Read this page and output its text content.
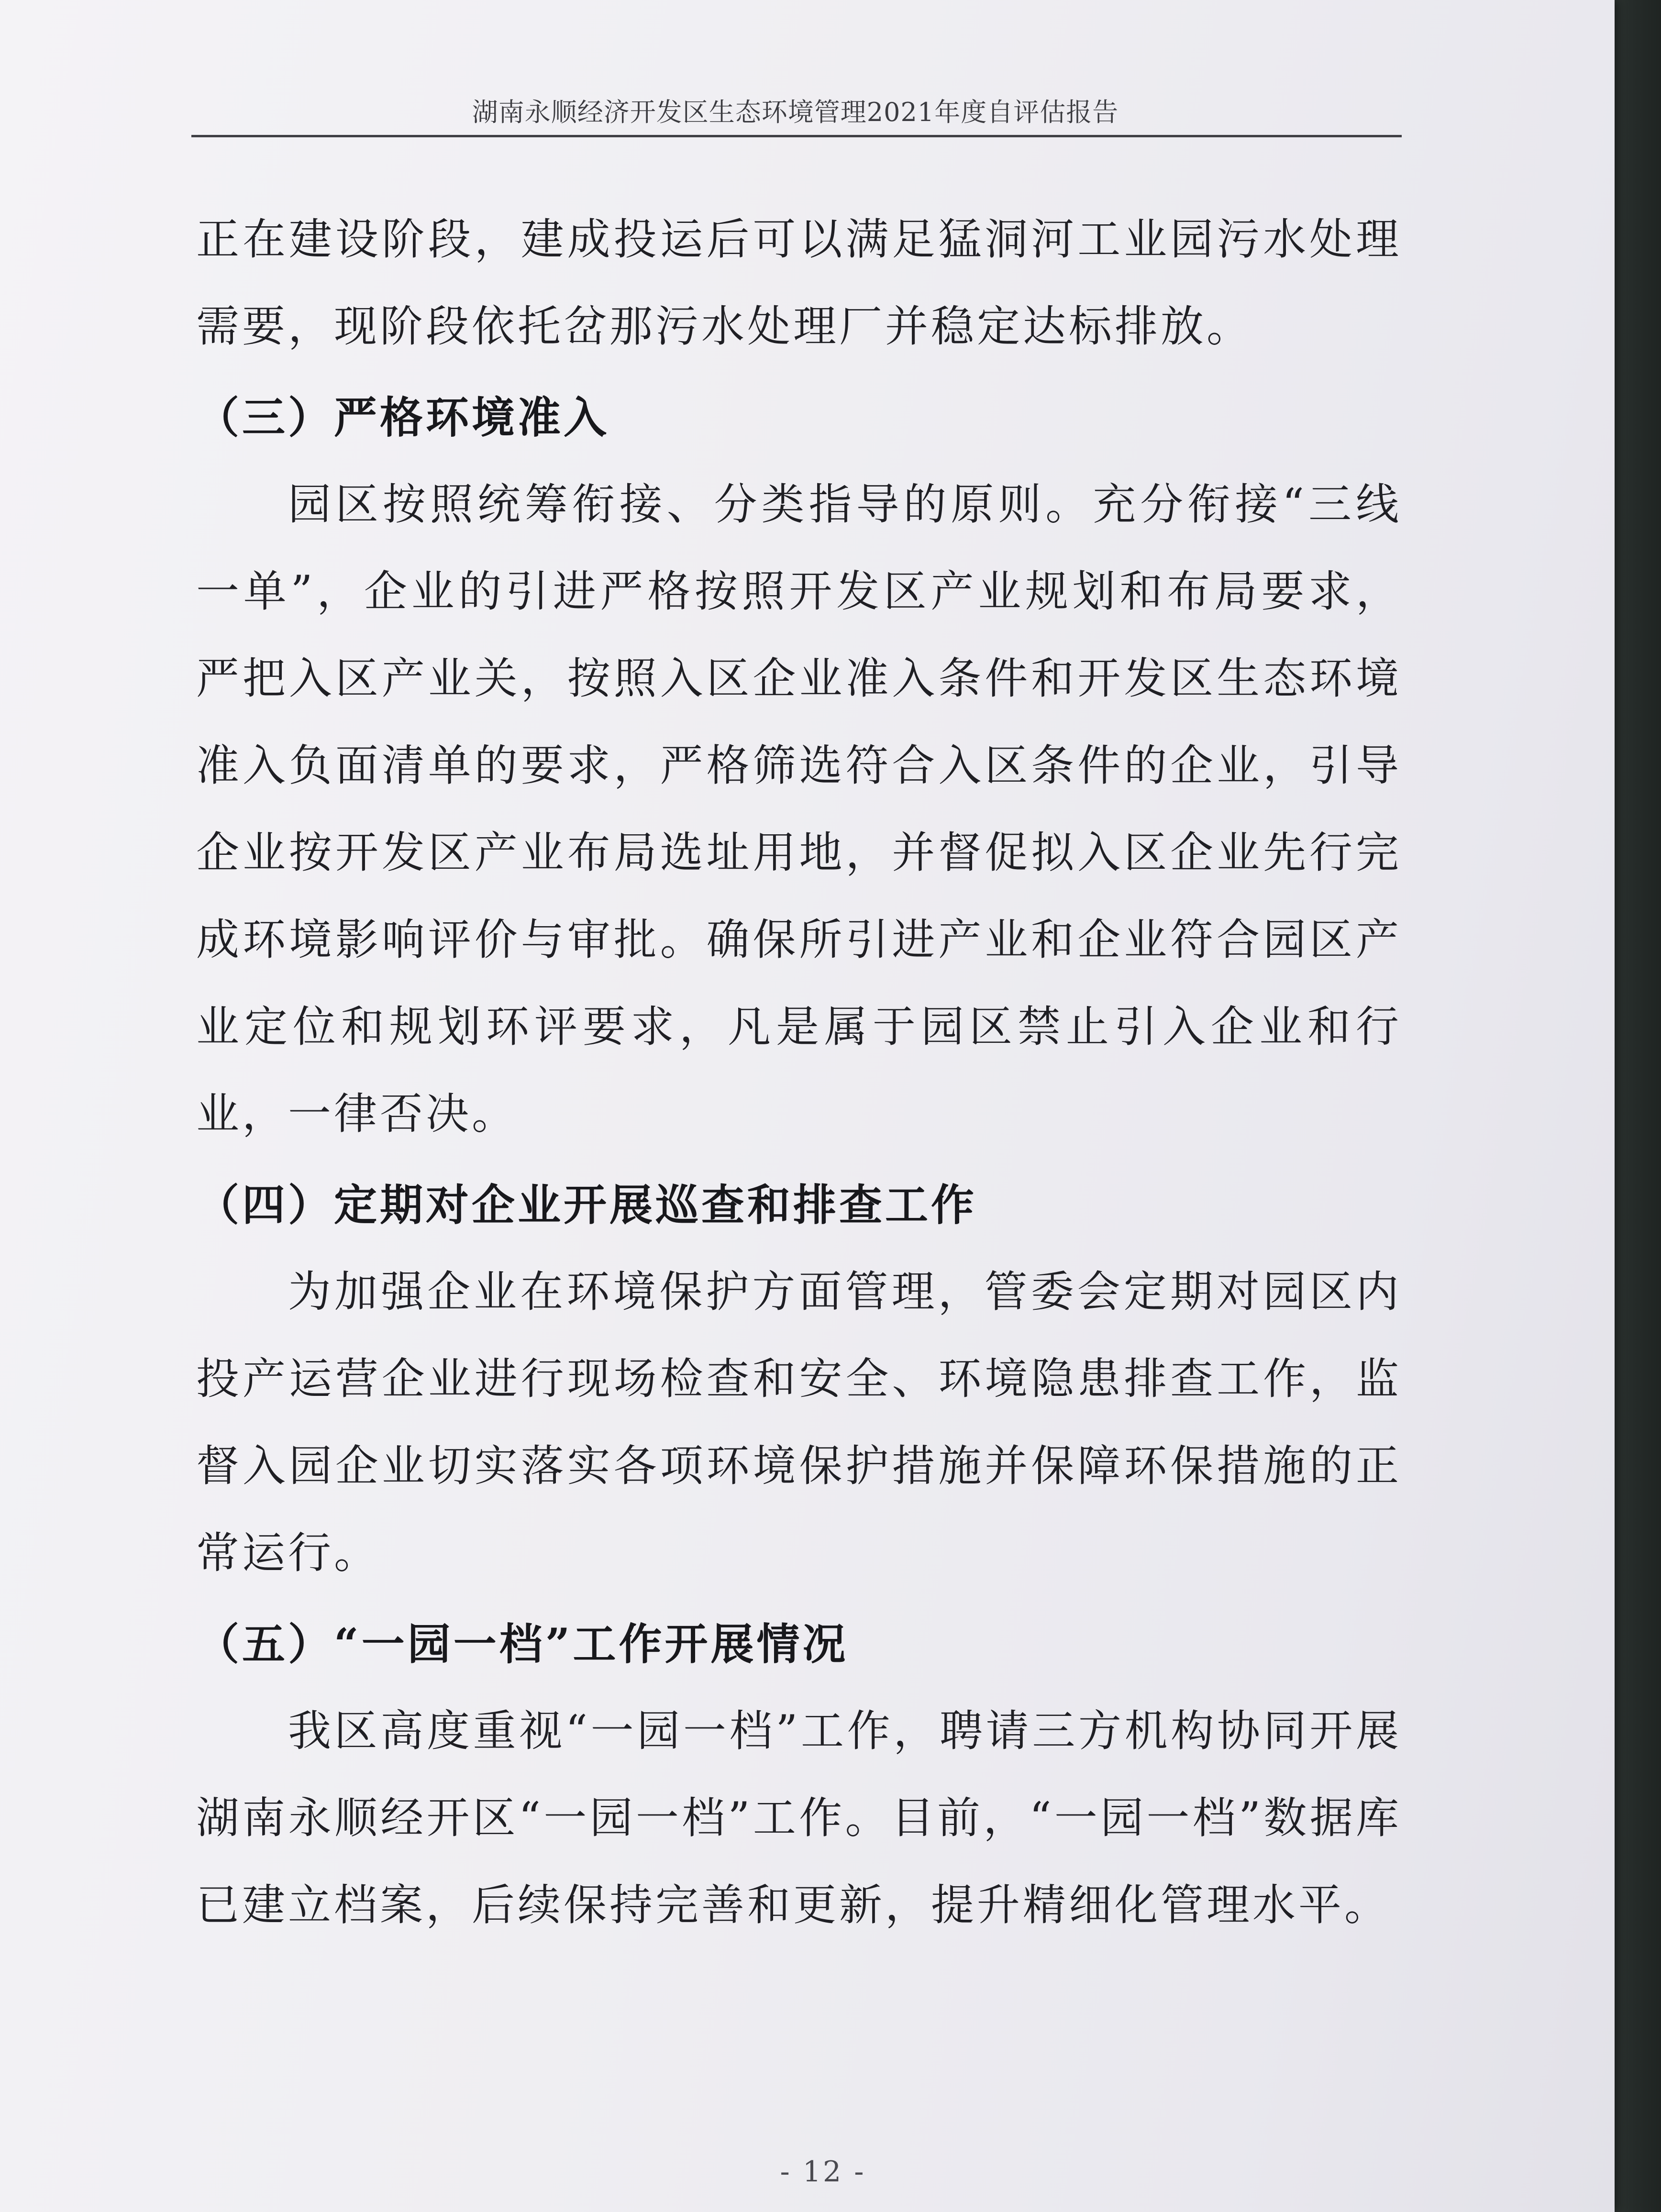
湖南永顺经济开发区生态环境管理2021年度自评估报告

正在建设阶段，建成投运后可以满足猛洞河工业园污水处理需要，现阶段依托岔那污水处理厂并稳定达标排放。

（三）严格环境准入

园区按照统筹衔接、分类指导的原则。充分衔接“三线一单”，企业的引进严格按照开发区产业规划和布局要求，严把入区产业关，按照入区企业准入条件和开发区生态环境准入负面清单的要求，严格筛选符合入区条件的企业，引导企业按开发区产业布局选址用地，并督促拟入区企业先行完成环境影响评价与审批。确保所引进产业和企业符合园区产业定位和规划环评要求，凡是属于园区禁止引入企业和行业，一律否决。

（四）定期对企业开展巡查和排查工作

为加强企业在环境保护方面管理，管委会定期对园区内投产运营企业进行现场检查和安全、环境隐患排查工作，监督入园企业切实落实各项环境保护措施并保障环保措施的正常运行。

（五）“一园一档”工作开展情况

我区高度重视“一园一档”工作，聘请三方机构协同开展湖南永顺经开区“一园一档”工作。目前，“一园一档”数据库已建立档案，后续保持完善和更新，提升精细化管理水平。

- 12 -
